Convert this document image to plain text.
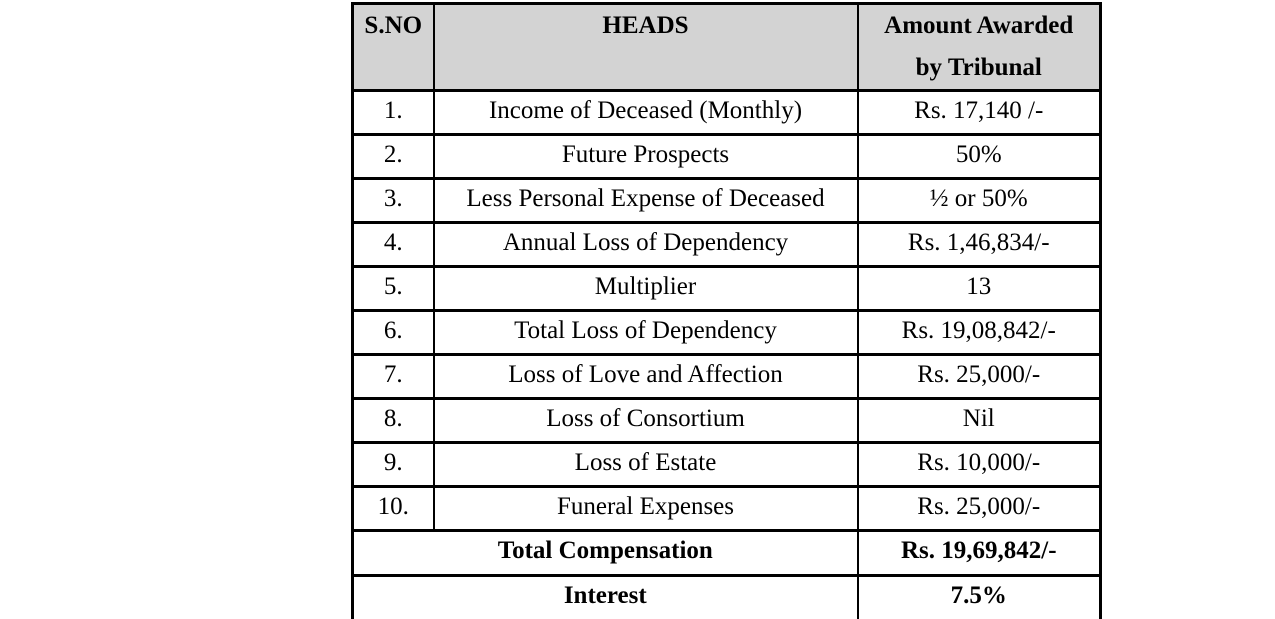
S.NO	HEADS	Amount Awarded
by Tribunal

1.	Income of Deceased (Monthly)	Rs. 17,140 /-
2.	Future Prospects	50%
3.	Less Personal Expense of Deceased	½ or 50%
4.	Annual Loss of Dependency	Rs. 1,46,834/-
5.	Multiplier	13
6.	Total Loss of Dependency	Rs. 19,08,842/-
7.	Loss of Love and Affection	Rs. 25,000/-
8.	Loss of Consortium	Nil
9.	Loss of Estate	Rs. 10,000/-
10.	Funeral Expenses	Rs. 25,000/-
Total Compensation		Rs. 19,69,842/-
Interest		7.5%
